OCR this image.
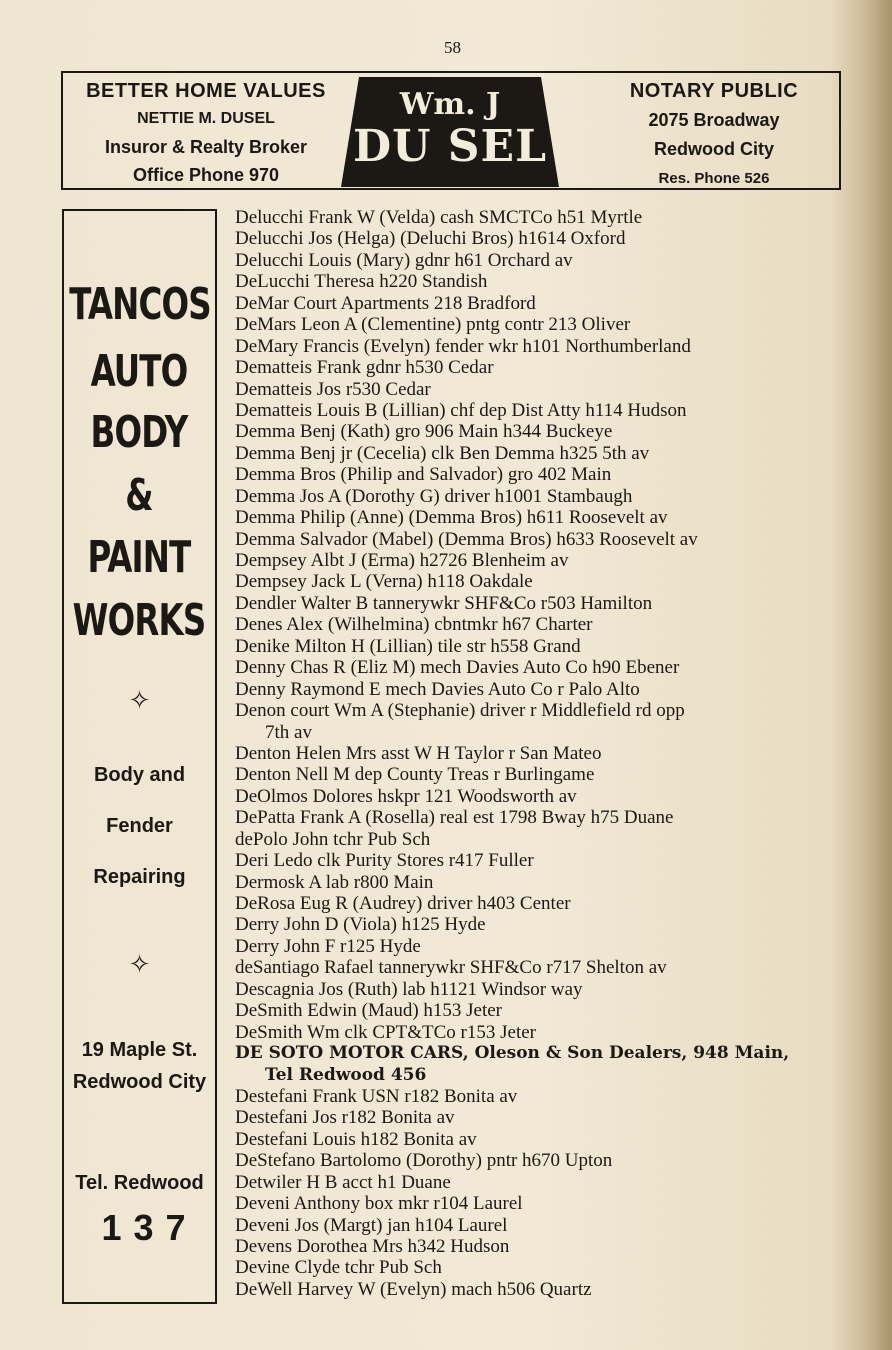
58
BETTER HOME VALUES
NETTIE M. DUSEL
Insuror & Realty Broker
Office Phone 970
Wm. J
DU SEL
NOTARY PUBLIC
2075 Broadway
Redwood City
Res. Phone 526
TANCOS
AUTO
BODY
&
PAINT
WORKS
✧
Body and
Fender
Repairing
✧
19 Maple St.
Redwood City
Tel. Redwood
137
Delucchi Frank W (Velda) cash SMCTCo h51 Myrtle
Delucchi Jos (Helga) (Deluchi Bros) h1614 Oxford
Delucchi Louis (Mary) gdnr h61 Orchard av
DeLucchi Theresa h220 Standish
DeMar Court Apartments 218 Bradford
DeMars Leon A (Clementine) pntg contr 213 Oliver
DeMary Francis (Evelyn) fender wkr h101 Northumberland
Dematteis Frank gdnr h530 Cedar
Dematteis Jos r530 Cedar
Dematteis Louis B (Lillian) chf dep Dist Atty h114 Hudson
Demma Benj (Kath) gro 906 Main h344 Buckeye
Demma Benj jr (Cecelia) clk Ben Demma h325 5th av
Demma Bros (Philip and Salvador) gro 402 Main
Demma Jos A (Dorothy G) driver h1001 Stambaugh
Demma Philip (Anne) (Demma Bros) h611 Roosevelt av
Demma Salvador (Mabel) (Demma Bros) h633 Roosevelt av
Dempsey Albt J (Erma) h2726 Blenheim av
Dempsey Jack L (Verna) h118 Oakdale
Dendler Walter B tannerywkr SHF&Co r503 Hamilton
Denes Alex (Wilhelmina) cbntmkr h67 Charter
Denike Milton H (Lillian) tile str h558 Grand
Denny Chas R (Eliz M) mech Davies Auto Co h90 Ebener
Denny Raymond E mech Davies Auto Co r Palo Alto
Denon court Wm A (Stephanie) driver r Middlefield rd opp
7th av
Denton Helen Mrs asst W H Taylor r San Mateo
Denton Nell M dep County Treas r Burlingame
DeOlmos Dolores hskpr 121 Woodsworth av
DePatta Frank A (Rosella) real est 1798 Bway h75 Duane
dePolo John tchr Pub Sch
Deri Ledo clk Purity Stores r417 Fuller
Dermosk A lab r800 Main
DeRosa Eug R (Audrey) driver h403 Center
Derry John D (Viola) h125 Hyde
Derry John F r125 Hyde
deSantiago Rafael tannerywkr SHF&Co r717 Shelton av
Descagnia Jos (Ruth) lab h1121 Windsor way
DeSmith Edwin (Maud) h153 Jeter
DeSmith Wm clk CPT&TCo r153 Jeter
DE SOTO MOTOR CARS, Oleson & Son Dealers, 948 Main,
Tel Redwood 456
Destefani Frank USN r182 Bonita av
Destefani Jos r182 Bonita av
Destefani Louis h182 Bonita av
DeStefano Bartolomo (Dorothy) pntr h670 Upton
Detwiler H B acct h1 Duane
Deveni Anthony box mkr r104 Laurel
Deveni Jos (Margt) jan h104 Laurel
Devens Dorothea Mrs h342 Hudson
Devine Clyde tchr Pub Sch
DeWell Harvey W (Evelyn) mach h506 Quartz
